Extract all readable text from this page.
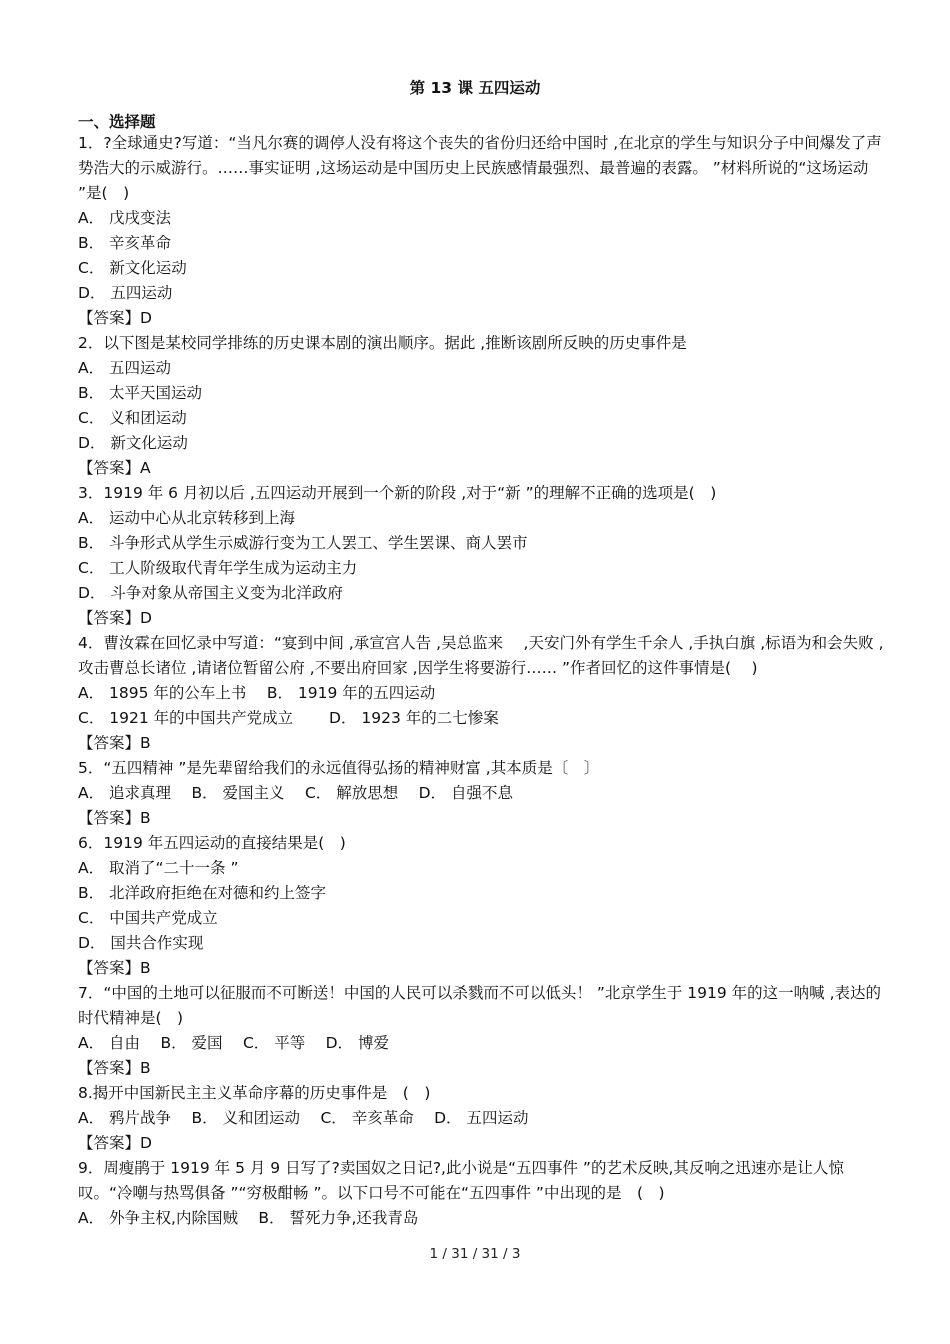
第 13 课 五四运动
一、选择题

1．?全球通史?写道：“当凡尔赛的调停人没有将这个丧失的省份归还给中国时 ,在北京的学生与知识分子中间爆发了声势浩大的示威游行。……事实证明 ,这场运动是中国历史上民族感情最强烈、最普遍的表露。 ”材料所说的“这场运动 ”是(　)

A． 戊戌变法

B． 辛亥革命

C． 新文化运动

D． 五四运动

【答案】D

2．以下图是某校同学排练的历史课本剧的演出顺序。据此 ,推断该剧所反映的历史事件是

A． 五四运动

B． 太平天国运动

C． 义和团运动

D． 新文化运动

【答案】A

3．1919 年 6 月初以后 ,五四运动开展到一个新的阶段 ,对于“新 ”的理解不正确的选项是(　)

A． 运动中心从北京转移到上海

B． 斗争形式从学生示威游行变为工人罢工、学生罢课、商人罢市

C． 工人阶级取代青年学生成为运动主力

D． 斗争对象从帝国主义变为北洋政府

【答案】D

4．曹汝霖在回忆录中写道：“宴到中间 ,承宣宫人告 ,吴总监来　 ,天安门外有学生千余人 ,手执白旗 ,标语为和会失败 ,攻击曹总长诸位 ,请诸位暂留公府 ,不要出府回家 ,因学生将要游行…… ”作者回忆的这件事情是(　 )

A． 1895 年的公车上书　 B． 1919 年的五四运动

C． 1921 年的中国共产党成立　　 D． 1923 年的二七惨案

【答案】B

5．“五四精神 ”是先辈留给我们的永远值得弘扬的精神财富 ,其本质是〔　〕

A． 追求真理　 B． 爱国主义　 C． 解放思想　 D． 自强不息

【答案】B

6．1919 年五四运动的直接结果是(　)

A． 取消了“二十一条 ”

B． 北洋政府拒绝在对德和约上签字

C． 中国共产党成立

D． 国共合作实现

【答案】B

7．“中国的土地可以征服而不可断送！中国的人民可以杀戮而不可以低头！ ”北京学生于 1919 年的这一呐喊 ,表达的时代精神是(　)

A． 自由　 B． 爱国　 C． 平等　 D． 博爱

【答案】B

8.揭开中国新民主主义革命序幕的历史事件是　(　)

A． 鸦片战争　 B． 义和团运动　 C． 辛亥革命　 D． 五四运动

【答案】D

9．周瘦鹃于 1919 年 5 月 9 日写了?卖国奴之日记?,此小说是“五四事件 ”的艺术反映,其反响之迅速亦是让人惊叹。“冷嘲与热骂俱备 ”“穷极酣畅 ”。以下口号不可能在“五四事件 ”中出现的是　(　)

A． 外争主权,内除国贼　 B． 誓死力争,还我青岛

1 / 31 / 31 / 3
